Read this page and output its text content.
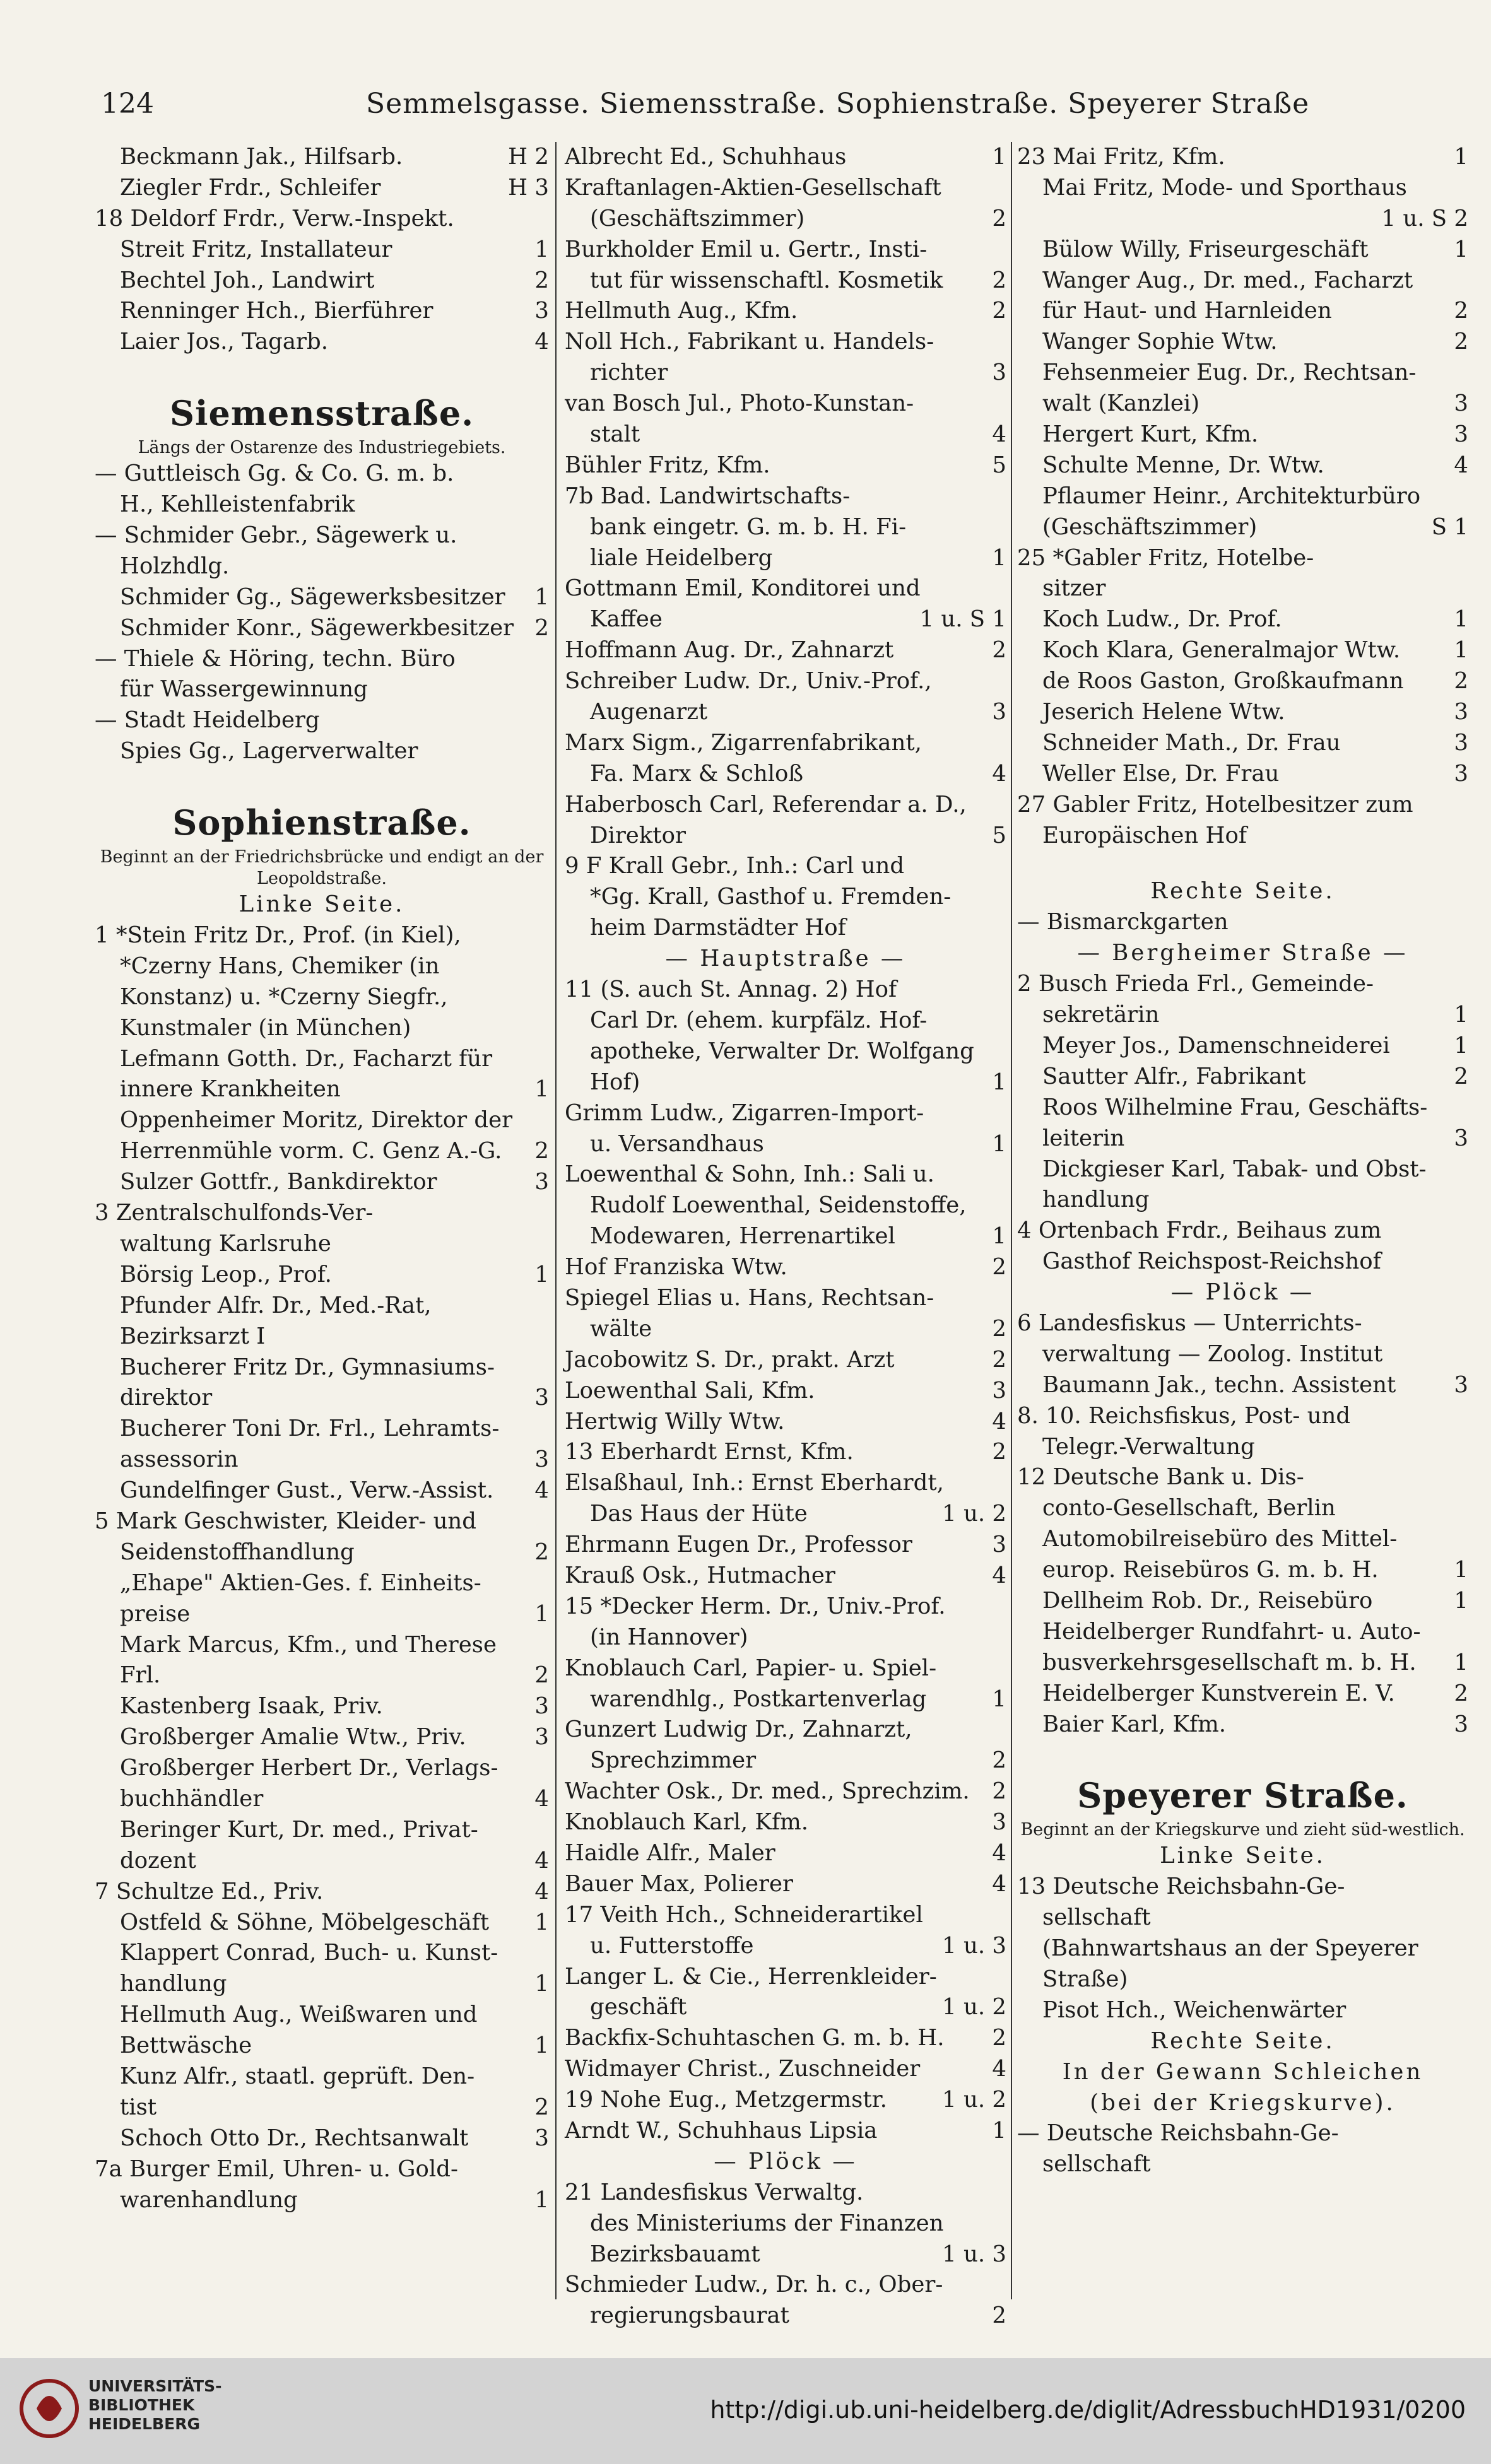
124	Semmelsgasse. Siemensstraße. Sophienstraße. Speyerer Straße
Beckmann Jak., Hilfsarb.	H 2
Ziegler Frdr., Schleifer	H 3
18 Deldorf Frdr., Verw.-Inspekt.
Streit Fritz, Installateur	1
Bechtel Joh., Landwirt	2
Renninger Hch., Bierführer	3
Laier Jos., Tagarb.	4
Siemensstraße.
Längs der Ostarenze des Industriegebiets.
— Guttleisch Gg. & Co. G. m. b.
H., Kehlleistenfabrik
— Schmider Gebr., Sägewerk u.
Holzhdlg.
Schmider Gg., Sägewerksbesitzer	1
Schmider Konr., Sägewerkbesitzer 2
— Thiele & Höring, techn. Büro
für Wassergewinnung
— Stadt Heidelberg
Spies Gg., Lagerverwalter
Sophienstraße.
Beginnt an der Friedrichsbrücke und endigt an der Leopoldstraße.
Linke Seite.
1 *Stein Fritz Dr., Prof. (in Kiel),
*Czerny Hans, Chemiker (in
Konstanz) u. *Czerny Siegfr.,
Kunstmaler (in München)
Lefmann Gotth. Dr., Facharzt für
innere Krankheiten	1
Oppenheimer Moritz, Direktor der
Herrenmühle vorm. C. Genz A.-G.	2
Sulzer Gottfr., Bankdirektor	3
3 Zentralschulfonds-Ver-
waltung Karlsruhe
Börsig Leop., Prof.	1
Pfunder Alfr. Dr., Med.-Rat,
Bezirksarzt I
Bucherer Fritz Dr., Gymnasiums-
direktor	3
Bucherer Toni Dr. Frl., Lehramts-
assessorin	3
Gundelfinger Gust., Verw.-Assist.	4
5 Mark Geschwister, Kleider- und
Seidenstoffhandlung	2
„Ehape" Aktien-Ges. f. Einheits-
preise	1
Mark Marcus, Kfm., und Therese
Frl.	2
Kastenberg Isaak, Priv.	3
Großberger Amalie Wtw., Priv.	3
Großberger Herbert Dr., Verlags-
buchhändler	4
Beringer Kurt, Dr. med., Privat-
dozent	4
7 Schultze Ed., Priv.	4
Ostfeld & Söhne, Möbelgeschäft	1
Klappert Conrad, Buch- u. Kunst-
handlung	1
Hellmuth Aug., Weißwaren und
Bettwäsche	1
Kunz Alfr., staatl. geprüft. Den-
tist	2
Schoch Otto Dr., Rechtsanwalt	3
7a Burger Emil, Uhren- u. Gold-
warenhandlung	1
Albrecht Ed., Schuhhaus	1
Kraftanlagen-Aktien-Gesellschaft
(Geschäftszimmer)	2
Burkholder Emil u. Gertr., Insti-
tut für wissenschaftl. Kosmetik	2
Hellmuth Aug., Kfm.	2
Noll Hch., Fabrikant u. Handels-
richter	3
van Bosch Jul., Photo-Kunstan-
stalt	4
Bühler Fritz, Kfm.	5
7b Bad. Landwirtschafts-
bank eingetr. G. m. b. H. Fi-
liale Heidelberg	1
Gottmann Emil, Konditorei und
Kaffee	1 u. S 1
Hoffmann Aug. Dr., Zahnarzt	2
Schreiber Ludw. Dr., Univ.-Prof.,
Augenarzt	3
Marx Sigm., Zigarrenfabrikant,
Fa. Marx & Schloß	4
Haberbosch Carl, Referendar a. D.,
Direktor	5
9 F Krall Gebr., Inh.: Carl und
*Gg. Krall, Gasthof u. Fremden-
heim Darmstädter Hof
— Hauptstraße —
11 (S. auch St. Annag. 2) Hof
Carl Dr. (ehem. kurpfälz. Hof-
apotheke, Verwalter Dr. Wolfgang
Hof)	1
Grimm Ludw., Zigarren-Import-
u. Versandhaus	1
Loewenthal & Sohn, Inh.: Sali u.
Rudolf Loewenthal, Seidenstoffe,
Modewaren, Herrenartikel	1
Hof Franziska Wtw.	2
Spiegel Elias u. Hans, Rechtsan-
wälte	2
Jacobowitz S. Dr., prakt. Arzt	2
Loewenthal Sali, Kfm.	3
Hertwig Willy Wtw.	4
13 Eberhardt Ernst, Kfm.	2
Elsaßhaul, Inh.: Ernst Eberhardt,
Das Haus der Hüte	1 u. 2
Ehrmann Eugen Dr., Professor	3
Krauß Osk., Hutmacher	4
15 *Decker Herm. Dr., Univ.-Prof.
(in Hannover)
Knoblauch Carl, Papier- u. Spiel-
warendhlg., Postkartenverlag	1
Gunzert Ludwig Dr., Zahnarzt,
Sprechzimmer	2
Wachter Osk., Dr. med., Sprechzim.	2
Knoblauch Karl, Kfm.	3
Haidle Alfr., Maler	4
Bauer Max, Polierer	4
17 Veith Hch., Schneiderartikel
u. Futterstoffe	1 u. 3
Langer L. & Cie., Herrenkleider-
geschäft	1 u. 2
Backfix-Schuhtaschen G. m. b. H.	2
Widmayer Christ., Zuschneider	4
19 Nohe Eug., Metzgermstr.	1 u. 2
Arndt W., Schuhhaus Lipsia	1
— Plöck —
21 Landesfiskus Verwaltg.
des Ministeriums der Finanzen
Bezirksbauamt	1 u. 3
Schmieder Ludw., Dr. h. c., Ober-
regierungsbaurat	2
23 Mai Fritz, Kfm.	1
Mai Fritz, Mode- und Sporthaus
1 u. S 2
Bülow Willy, Friseurgeschäft	1
Wanger Aug., Dr. med., Facharzt
für Haut- und Harnleiden	2
Wanger Sophie Wtw.	2
Fehsenmeier Eug. Dr., Rechtsan-
walt (Kanzlei)	3
Hergert Kurt, Kfm.	3
Schulte Menne, Dr. Wtw.	4
Pflaumer Heinr., Architekturbüro
(Geschäftszimmer)	S 1
25 *Gabler Fritz, Hotelbe-
sitzer
Koch Ludw., Dr. Prof.	1
Koch Klara, Generalmajor Wtw.	1
de Roos Gaston, Großkaufmann	2
Jeserich Helene Wtw.	3
Schneider Math., Dr. Frau	3
Weller Else, Dr. Frau	3
27 Gabler Fritz, Hotelbesitzer zum
Europäischen Hof
Rechte Seite.
— Bismarckgarten
— Bergheimer Straße —
2 Busch Frieda Frl., Gemeinde-
sekretärin	1
Meyer Jos., Damenschneiderei	1
Sautter Alfr., Fabrikant	2
Roos Wilhelmine Frau, Geschäfts-
leiterin	3
Dickgieser Karl, Tabak- und Obst-
handlung
4 Ortenbach Frdr., Beihaus zum
Gasthof Reichspost-Reichshof
— Plöck —
6 Landesfiskus — Unterrichts-
verwaltung — Zoolog. Institut
Baumann Jak., techn. Assistent	3
8. 10. Reichsfiskus, Post- und
Telegr.-Verwaltung
12 Deutsche Bank u. Dis-
conto-Gesellschaft, Berlin
Automobilreisebüro des Mittel-
europ. Reisebüros G. m. b. H.	1
Dellheim Rob. Dr., Reisebüro	1
Heidelberger Rundfahrt- u. Auto-
busverkehrsgesellschaft m. b. H.	1
Heidelberger Kunstverein E. V.	2
Baier Karl, Kfm.	3
Speyerer Straße.
Beginnt an der Kriegskurve und zieht süd-westlich.
Linke Seite.
13 Deutsche Reichsbahn-Ge-
sellschaft
(Bahnwartshaus an der Speyerer
Straße)
Pisot Hch., Weichenwärter
Rechte Seite.
In der Gewann Schleichen
(bei der Kriegskurve).
— Deutsche Reichsbahn-Ge-
sellschaft
UNIVERSITÄTS-
BIBLIOTHEK
HEIDELBERG
http://digi.ub.uni-heidelberg.de/diglit/AdressbuchHD1931/0200
